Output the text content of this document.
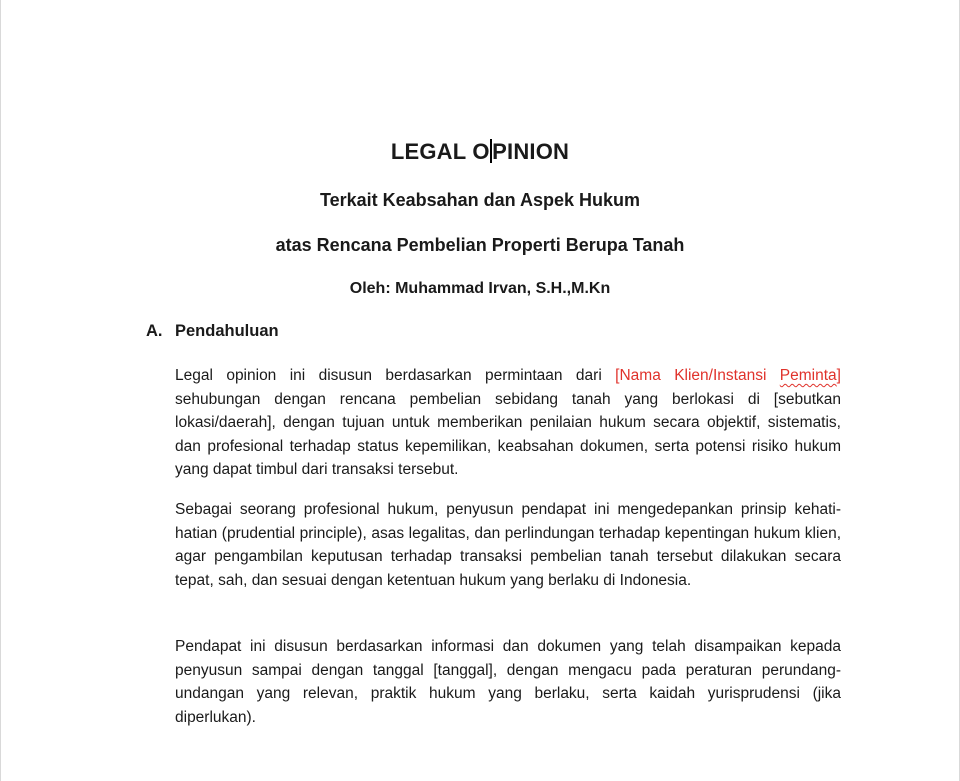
LEGAL O PINION
Terkait Keabsahan dan Aspek Hukum
atas Rencana Pembelian Properti Berupa Tanah
Oleh: Muhammad Irvan, S.H.,M.Kn
A. Pendahuluan

Legal opinion ini disusun berdasarkan permintaan dari [Nama Klien/Instansi Peminta] sehubungan dengan rencana pembelian sebidang tanah yang berlokasi di [sebutkan lokasi/daerah], dengan tujuan untuk memberikan penilaian hukum secara objektif, sistematis, dan profesional terhadap status kepemilikan, keabsahan dokumen, serta potensi risiko hukum yang dapat timbul dari transaksi tersebut.

Sebagai seorang profesional hukum, penyusun pendapat ini mengedepankan prinsip kehati-hatian (prudential principle), asas legalitas, dan perlindungan terhadap kepentingan hukum klien, agar pengambilan keputusan terhadap transaksi pembelian tanah tersebut dilakukan secara tepat, sah, dan sesuai dengan ketentuan hukum yang berlaku di Indonesia.

Pendapat ini disusun berdasarkan informasi dan dokumen yang telah disampaikan kepada penyusun sampai dengan tanggal [tanggal], dengan mengacu pada peraturan perundang-undangan yang relevan, praktik hukum yang berlaku, serta kaidah yurisprudensi (jika diperlukan).
